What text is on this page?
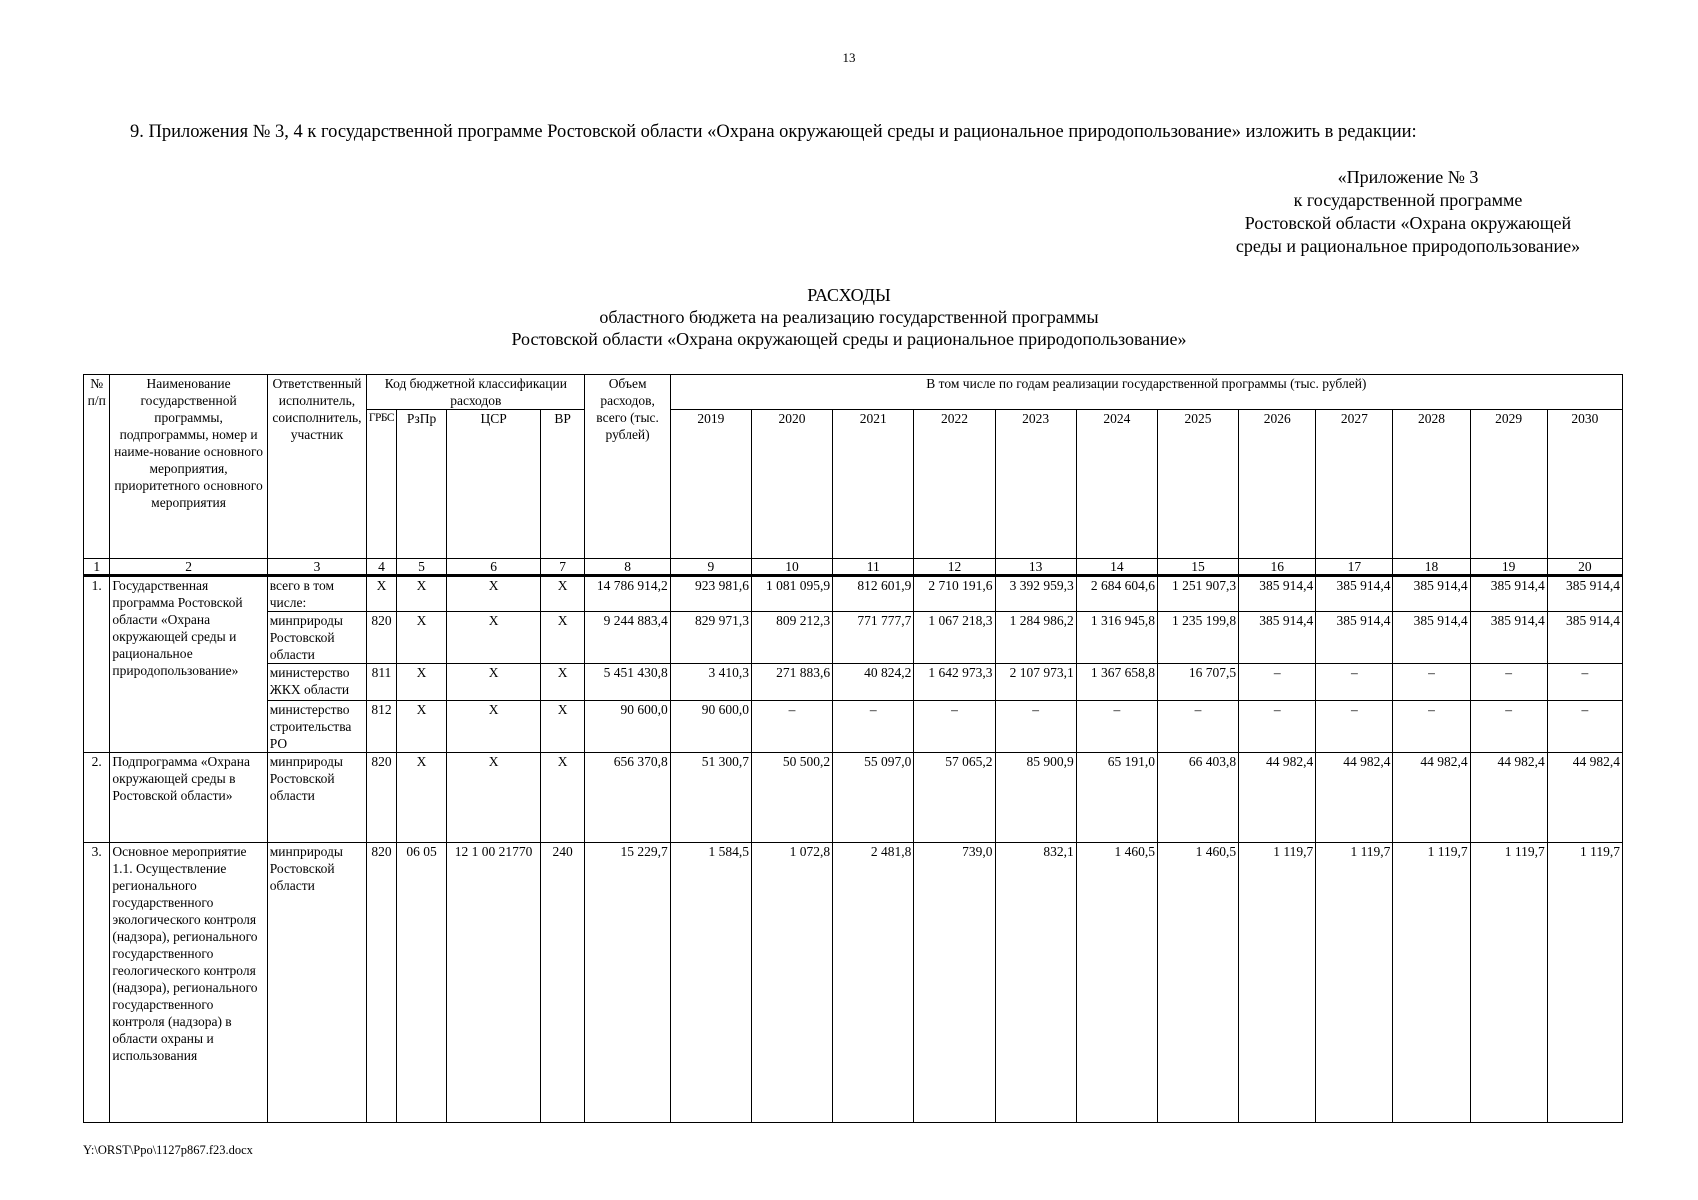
13
9. Приложения № 3, 4 к государственной программе Ростовской области «Охрана окружающей среды и рациональное природопользование» изложить в редакции:
«Приложение № 3
к государственной программе
Ростовской области «Охрана окружающей
среды и рациональное природопользование»
РАСХОДЫ
областного бюджета на реализацию государственной программы
Ростовской области «Охрана окружающей среды и рациональное природопользование»
№ п/п	Наименование государственной программы, подпрограммы, номер и наиме-нование основного мероприятия, приоритетного основного мероприятия	Ответственный исполнитель, соисполнитель, участник	Код бюджетной классификации расходов				Объем расходов, всего (тыс. рублей)	В том числе по годам реализации государственной программы (тыс. рублей)											
			ГРБС	РзПр	ЦСР	ВР		2019	2020	2021	2022	2023	2024	2025	2026	2027	2028	2029	2030
1	2	3	4	5	6	7	8	9	10	11	12	13	14	15	16	17	18	19	20
1.	Государственная программа Ростовской области «Охрана окружающей среды и рациональное природопользование»	всего в том числе:	X	X	X	X	14 786 914,2	923 981,6	1 081 095,9	812 601,9	2 710 191,6	3 392 959,3	2 684 604,6	1 251 907,3	385 914,4	385 914,4	385 914,4	385 914,4	385 914,4
		минприроды Ростовской области	820	X	X	X	9 244 883,4	829 971,3	809 212,3	771 777,7	1 067 218,3	1 284 986,2	1 316 945,8	1 235 199,8	385 914,4	385 914,4	385 914,4	385 914,4	385 914,4
		министерство ЖКХ области	811	X	X	X	5 451 430,8	3 410,3	271 883,6	40 824,2	1 642 973,3	2 107 973,1	1 367 658,8	16 707,5	–	–	–	–	–
		министерство строительства РО	812	X	X	X	90 600,0	90 600,0	–	–	–	–	–	–	–	–	–	–	–
2.	Подпрограмма «Охрана окружающей среды в Ростовской области»	минприроды Ростовской области	820	X	X	X	656 370,8	51 300,7	50 500,2	55 097,0	57 065,2	85 900,9	65 191,0	66 403,8	44 982,4	44 982,4	44 982,4	44 982,4	44 982,4
3.	Основное мероприятие 1.1. Осуществление регионального государственного экологического контроля (надзора), регионального государственного геологического контроля (надзора), регионального государственного контроля (надзора) в области охраны и использования	минприроды Ростовской области	820	06 05	12 1 00 21770	240	15 229,7	1 584,5	1 072,8	2 481,8	739,0	832,1	1 460,5	1 460,5	1 119,7	1 119,7	1 119,7	1 119,7	1 119,7
Y:\ORST\Ppo\1127p867.f23.docx
